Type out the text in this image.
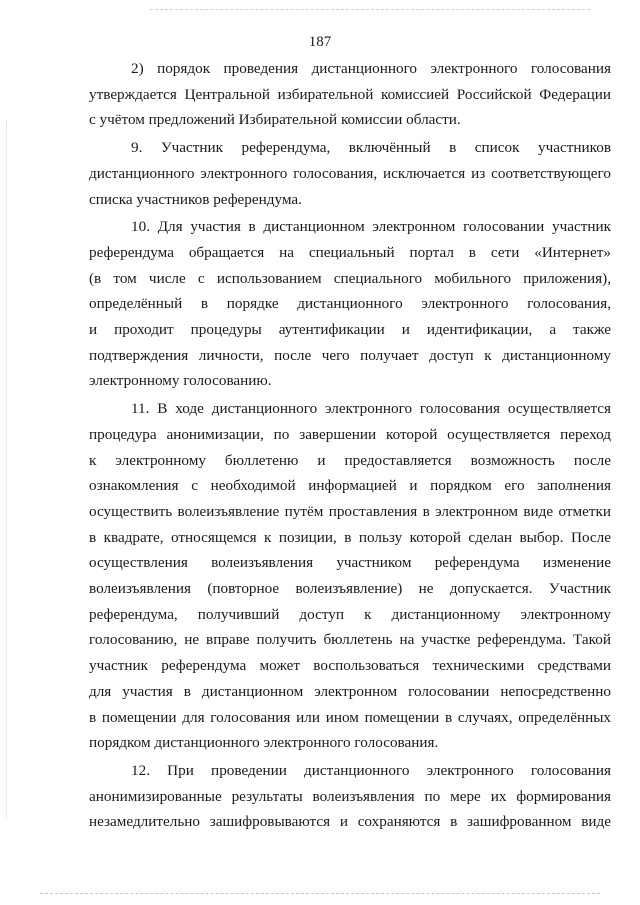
187
2) порядок проведения дистанционного электронного голосования
утверждается Центральной избирательной комиссией Российской Федерации
с учётом предложений Избирательной комиссии области.
9. Участник референдума, включённый в список участников
дистанционного электронного голосования, исключается из соответствующего
списка участников референдума.
10. Для участия в дистанционном электронном голосовании участник
референдума обращается на специальный портал в сети «Интернет»
(в том числе с использованием специального мобильного приложения),
определённый в порядке дистанционного электронного голосования,
и проходит процедуры аутентификации и идентификации, а также
подтверждения личности, после чего получает доступ к дистанционному
электронному голосованию.
11. В ходе дистанционного электронного голосования осуществляется
процедура анонимизации, по завершении которой осуществляется переход
к электронному бюллетеню и предоставляется возможность после
ознакомления с необходимой информацией и порядком его заполнения
осуществить волеизъявление путём проставления в электронном виде отметки
в квадрате, относящемся к позиции, в пользу которой сделан выбор. После
осуществления волеизъявления участником референдума изменение
волеизъявления (повторное волеизъявление) не допускается. Участник
референдума, получивший доступ к дистанционному электронному
голосованию, не вправе получить бюллетень на участке референдума. Такой
участник референдума может воспользоваться техническими средствами
для участия в дистанционном электронном голосовании непосредственно
в помещении для голосования или ином помещении в случаях, определённых
порядком дистанционного электронного голосования.
12. При проведении дистанционного электронного голосования
анонимизированные результаты волеизъявления по мере их формирования
незамедлительно зашифровываются и сохраняются в зашифрованном виде
